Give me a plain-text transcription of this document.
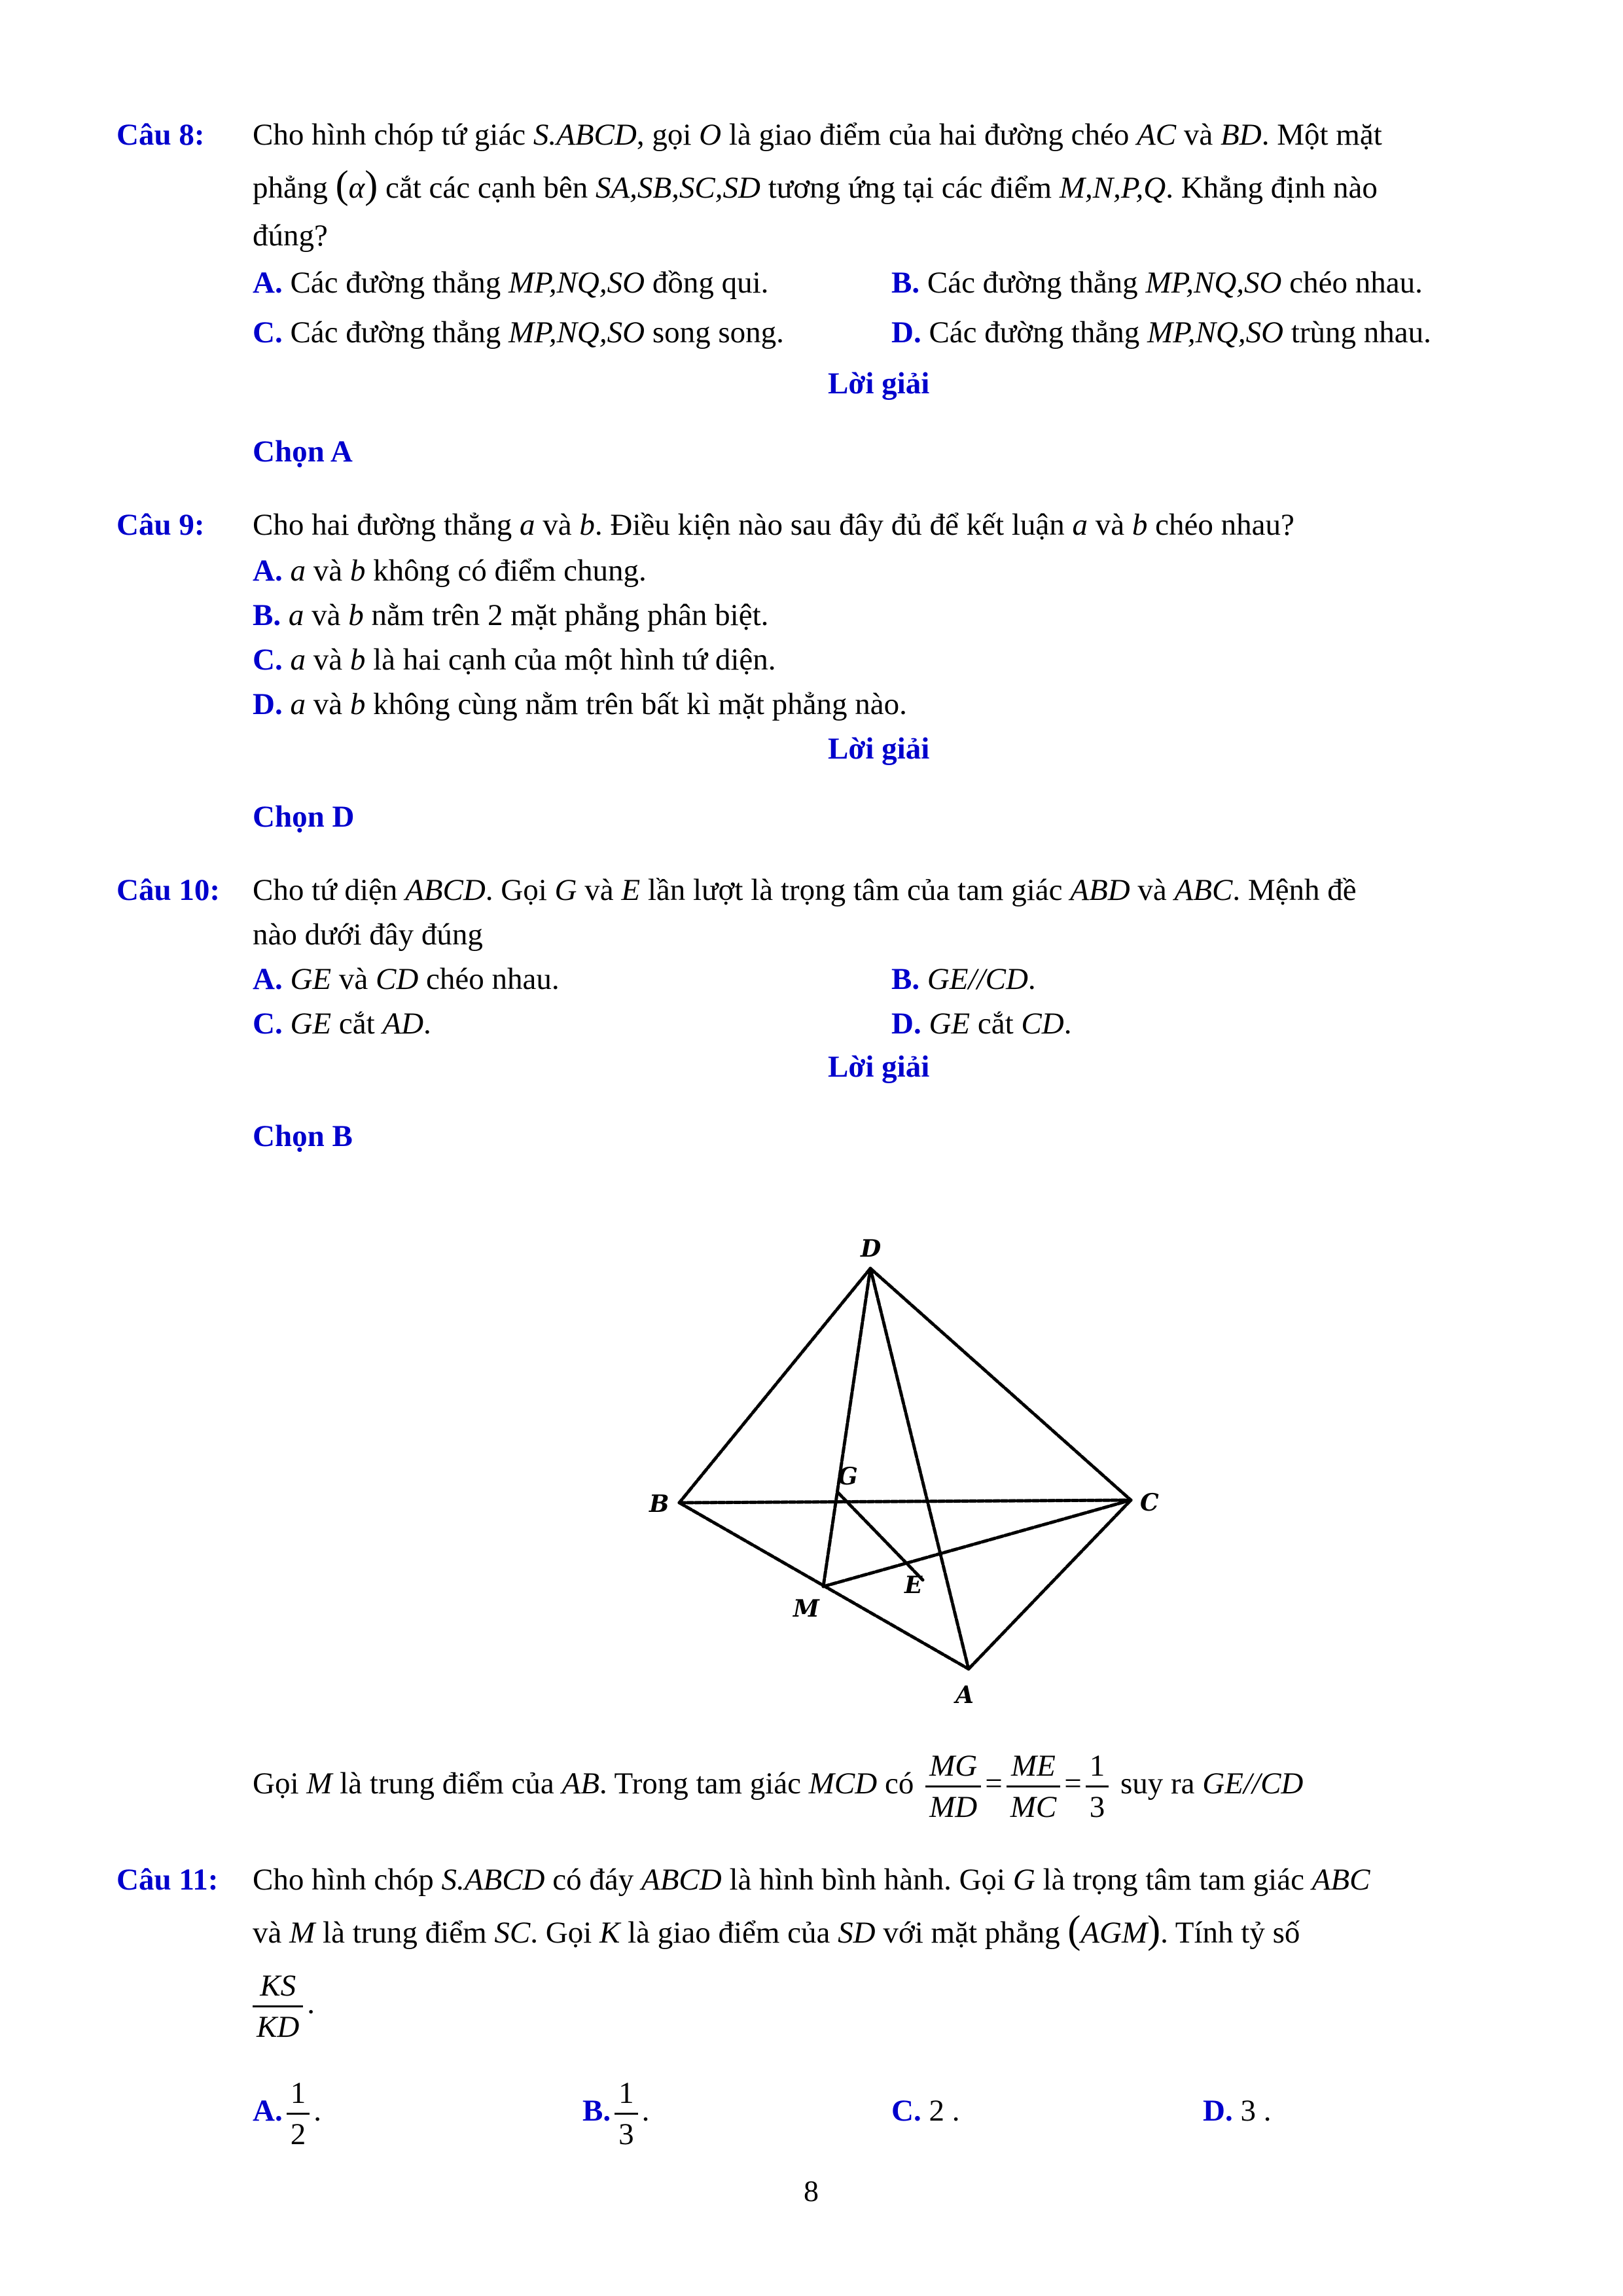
Câu 8: Cho hình chóp tứ giác S.ABCD, gọi O là giao điểm của hai đường chéo AC và BD. Một mặt
phẳng (α) cắt các cạnh bên SA,SB,SC,SD tương ứng tại các điểm M,N,P,Q. Khẳng định nào
đúng?
A. Các đường thẳng MP,NQ,SO đồng qui.	B. Các đường thẳng MP,NQ,SO chéo nhau.
C. Các đường thẳng MP,NQ,SO song song.	D. Các đường thẳng MP,NQ,SO trùng nhau.
Lời giải
Chọn A
Câu 9: Cho hai đường thẳng a và b. Điều kiện nào sau đây đủ để kết luận a và b chéo nhau?
A. a và b không có điểm chung.
B. a và b nằm trên 2 mặt phẳng phân biệt.
C. a và b là hai cạnh của một hình tứ diện.
D. a và b không cùng nằm trên bất kì mặt phẳng nào.
Lời giải
Chọn D
Câu 10: Cho tứ diện ABCD. Gọi G và E lần lượt là trọng tâm của tam giác ABD và ABC. Mệnh đề
nào dưới đây đúng
A. GE và CD chéo nhau.	B. GE//CD.
C. GE cắt AD.	D. GE cắt CD.
Lời giải
Chọn B
D
B	C
G
E
M
A
Gọi M là trung điểm của AB. Trong tam giác MCD có $\frac{MG}{MD} = \frac{ME}{MC} = \frac{1}{3}$ suy ra GE//CD
Câu 11: Cho hình chóp S.ABCD có đáy ABCD là hình bình hành. Gọi G là trọng tâm tam giác ABC
và M là trung điểm SC. Gọi K là giao điểm của SD với mặt phẳng (AGM). Tính tỷ số
$\frac{KS}{KD}$ .
A. $\frac{1}{2}$ .	B. $\frac{1}{3}$ .	C. 2 .	D. 3 .
8
